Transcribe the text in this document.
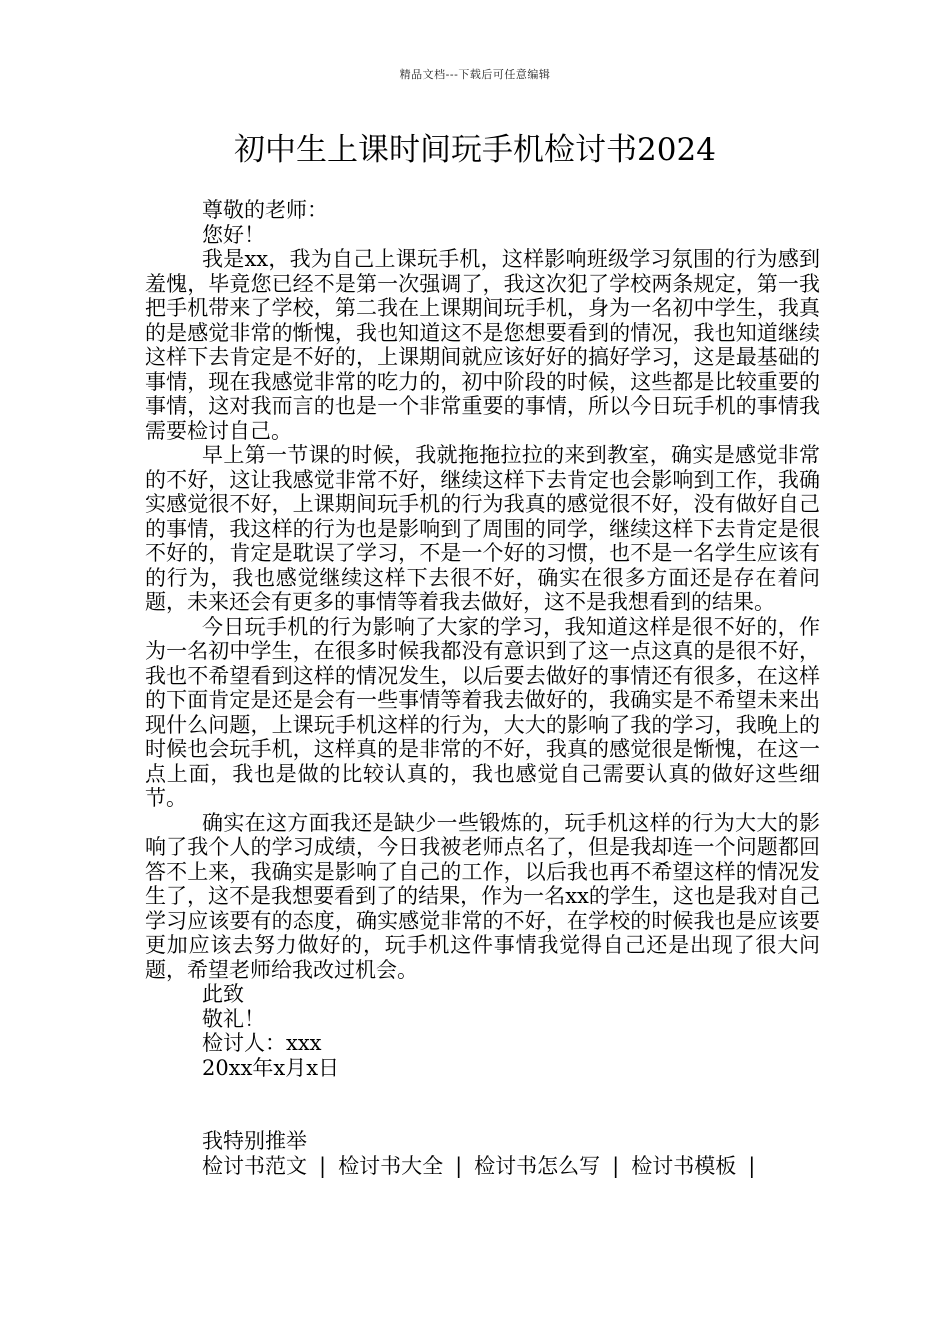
精品文档---下载后可任意编辑
初中生上课时间玩手机检讨书2024
尊敬的老师：
您好！
我是xx，我为自己上课玩手机，这样影响班级学习氛围的行为感到羞愧，毕竟您已经不是第一次强调了，我这次犯了学校两条规定，第一我把手机带来了学校，第二我在上课期间玩手机，身为一名初中学生，我真的是感觉非常的惭愧，我也知道这不是您想要看到的情况，我也知道继续这样下去肯定是不好的，上课期间就应该好好的搞好学习，这是最基础的事情，现在我感觉非常的吃力的，初中阶段的时候，这些都是比较重要的事情，这对我而言的也是一个非常重要的事情，所以今日玩手机的事情我需要检讨自己。
早上第一节课的时候，我就拖拖拉拉的来到教室，确实是感觉非常的不好，这让我感觉非常不好，继续这样下去肯定也会影响到工作，我确实感觉很不好，上课期间玩手机的行为我真的感觉很不好，没有做好自己的事情，我这样的行为也是影响到了周围的同学，继续这样下去肯定是很不好的，肯定是耽误了学习，不是一个好的习惯，也不是一名学生应该有的行为，我也感觉继续这样下去很不好，确实在很多方面还是存在着问题，未来还会有更多的事情等着我去做好，这不是我想看到的结果。
今日玩手机的行为影响了大家的学习，我知道这样是很不好的，作为一名初中学生，在很多时候我都没有意识到了这一点这真的是很不好，我也不希望看到这样的情况发生，以后要去做好的事情还有很多，在这样的下面肯定是还是会有一些事情等着我去做好的，我确实是不希望未来出现什么问题，上课玩手机这样的行为，大大的影响了我的学习，我晚上的时候也会玩手机，这样真的是非常的不好，我真的感觉很是惭愧，在这一点上面，我也是做的比较认真的，我也感觉自己需要认真的做好这些细节。
确实在这方面我还是缺少一些锻炼的，玩手机这样的行为大大的影响了我个人的学习成绩，今日我被老师点名了，但是我却连一个问题都回答不上来，我确实是影响了自己的工作，以后我也再不希望这样的情况发生了，这不是我想要看到了的结果，作为一名xx的学生，这也是我对自己学习应该要有的态度，确实感觉非常的不好，在学校的时候我也是应该要更加应该去努力做好的，玩手机这件事情我觉得自己还是出现了很大问题，希望老师给我改过机会。
此致
敬礼！
检讨人：xxx
20xx年x月x日
我特别推举
检讨书范文 | 检讨书大全 | 检讨书怎么写 | 检讨书模板 |
